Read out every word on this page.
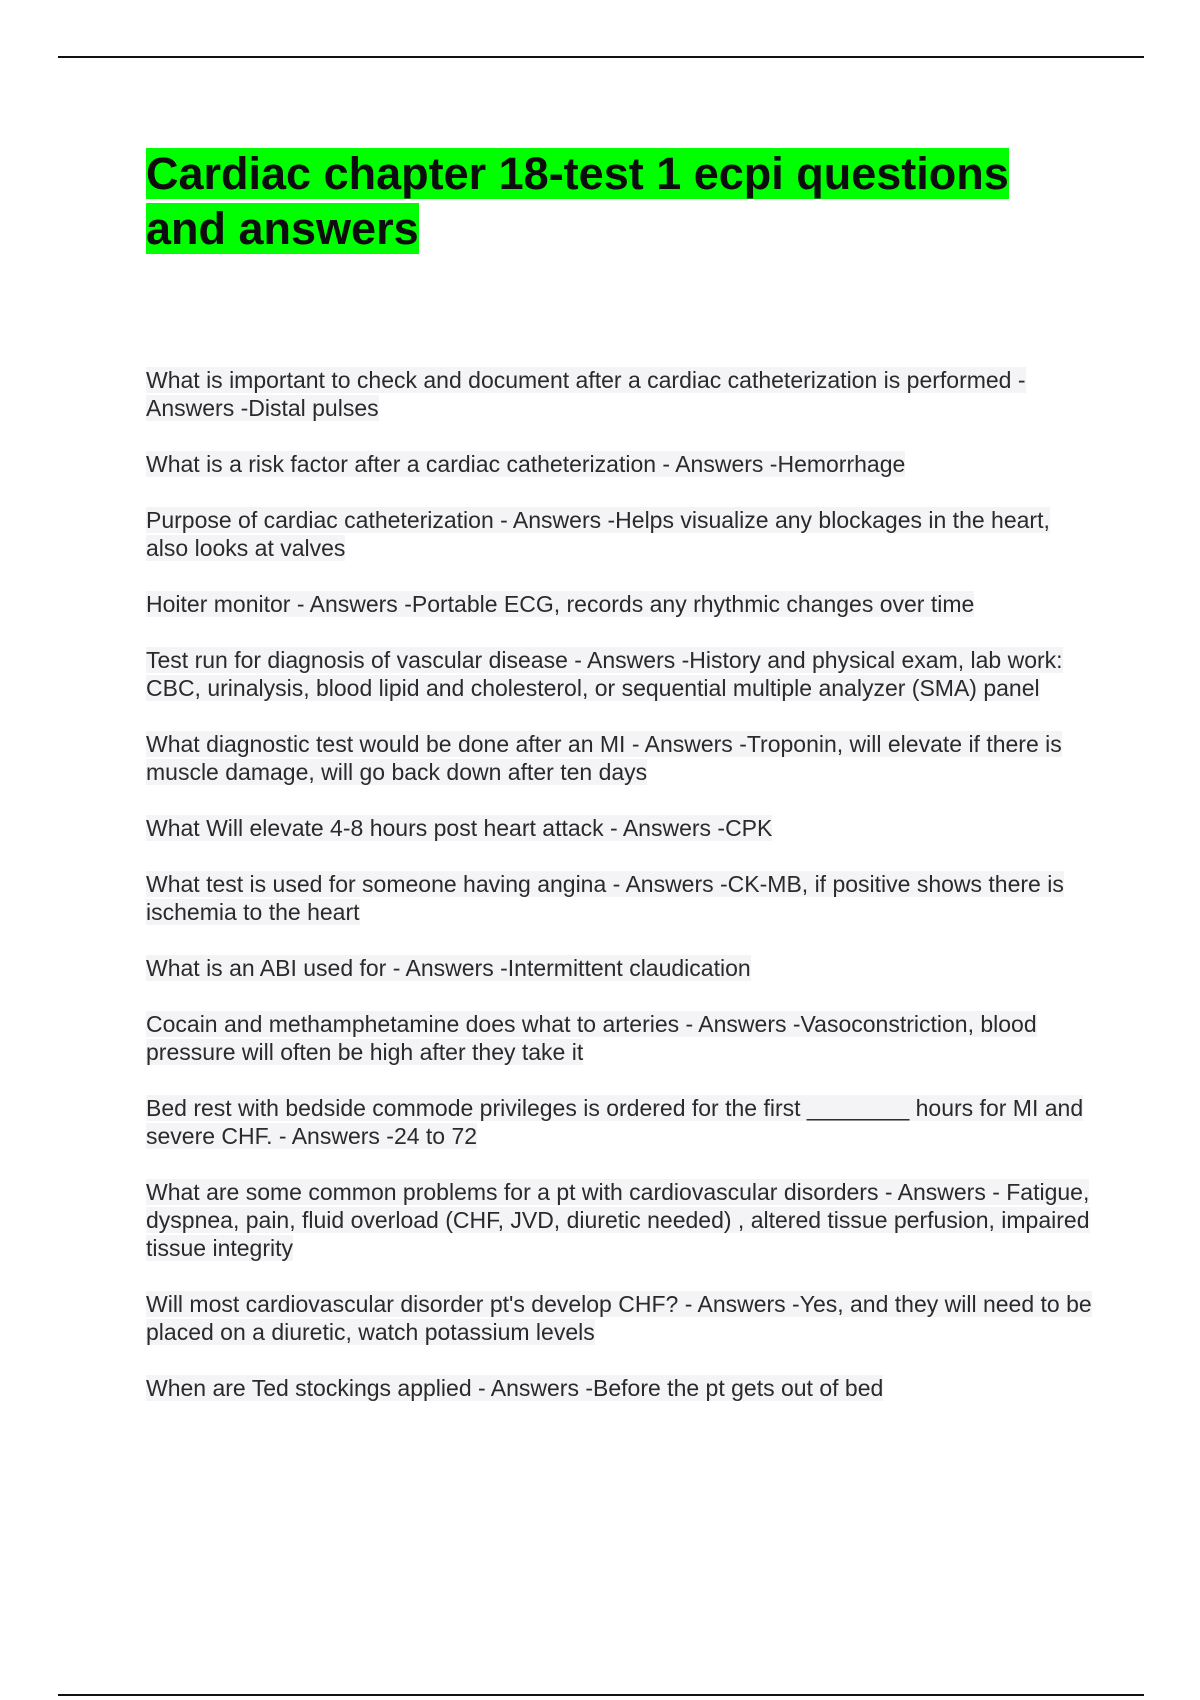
Cardiac chapter 18-test 1 ecpi questions and answers
What is important to check and document after a cardiac catheterization is performed - Answers -Distal pulses
What is a risk factor after a cardiac catheterization - Answers -Hemorrhage
Purpose of cardiac catheterization - Answers -Helps visualize any blockages in the heart, also looks at valves
Hoiter monitor - Answers -Portable ECG, records any rhythmic changes over time
Test run for diagnosis of vascular disease - Answers -History and physical exam, lab work: CBC, urinalysis, blood lipid and cholesterol, or sequential multiple analyzer (SMA) panel
What diagnostic test would be done after an MI - Answers -Troponin, will elevate if there is muscle damage, will go back down after ten days
What Will elevate 4-8 hours post heart attack - Answers -CPK
What test is used for someone having angina - Answers -CK-MB, if positive shows there is ischemia to the heart
What is an ABI used for - Answers -Intermittent claudication
Cocain and methamphetamine does what to arteries - Answers -Vasoconstriction, blood pressure will often be high after they take it
Bed rest with bedside commode privileges is ordered for the first ________ hours for MI and severe CHF. - Answers -24 to 72
What are some common problems for a pt with cardiovascular disorders - Answers - Fatigue, dyspnea, pain, fluid overload (CHF, JVD, diuretic needed) , altered tissue perfusion, impaired tissue integrity
Will most cardiovascular disorder pt's develop CHF? - Answers -Yes, and they will need to be placed on a diuretic, watch potassium levels
When are Ted stockings applied - Answers -Before the pt gets out of bed
